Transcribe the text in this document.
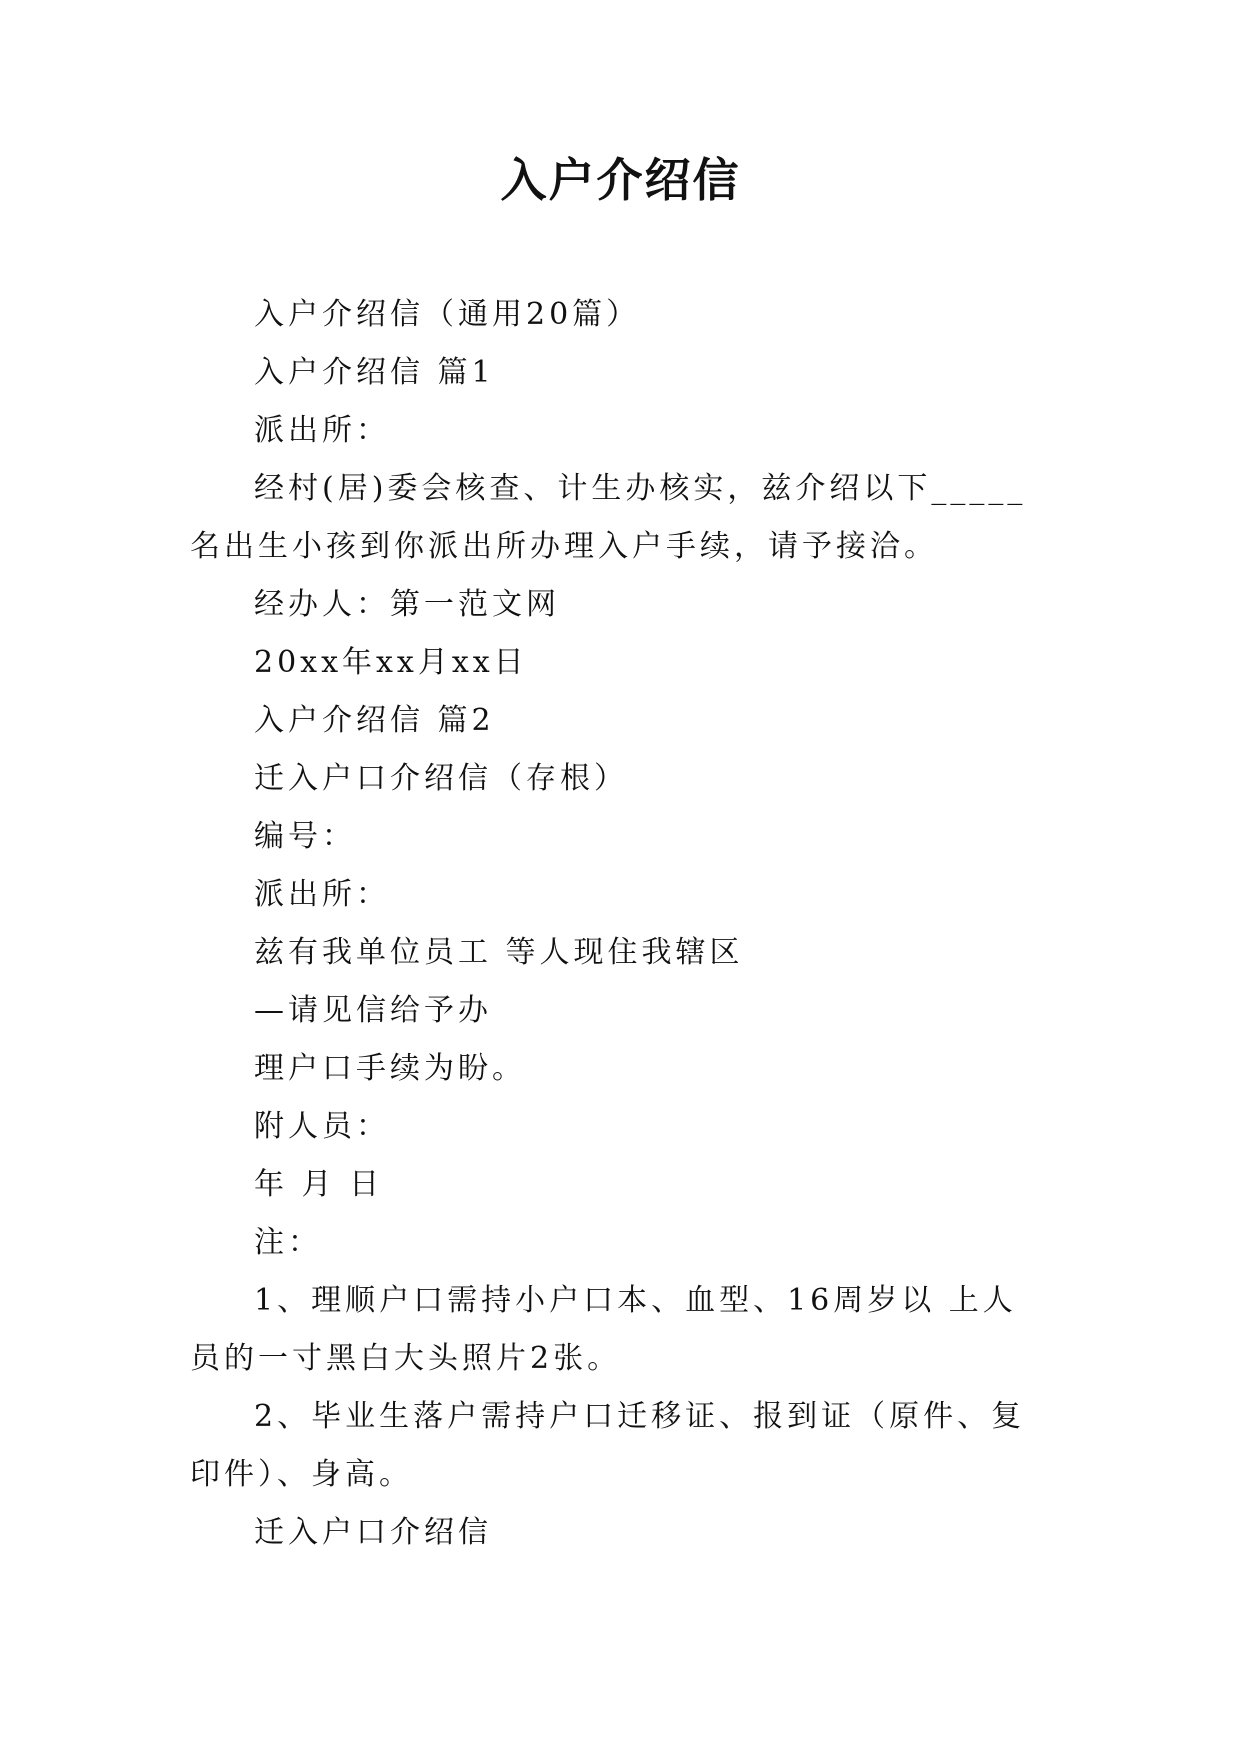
入户介绍信

入户介绍信（通用20篇）

入户介绍信 篇1

派出所：

经村(居)委会核查、计生办核实，兹介绍以下_____名出生小孩到你派出所办理入户手续，请予接洽。

经办人：第一范文网

20xx年xx月xx日

入户介绍信 篇2

迁入户口介绍信（存根）

编号：

派出所：

兹有我单位员工 等人现住我辖区

—请见信给予办

理户口手续为盼。

附人员：

年 月 日

注：

1、理顺户口需持小户口本、血型、16周岁以 上人员的一寸黑白大头照片2张。

2、毕业生落户需持户口迁移证、报到证（原件、复印件）、身高。

迁入户口介绍信
